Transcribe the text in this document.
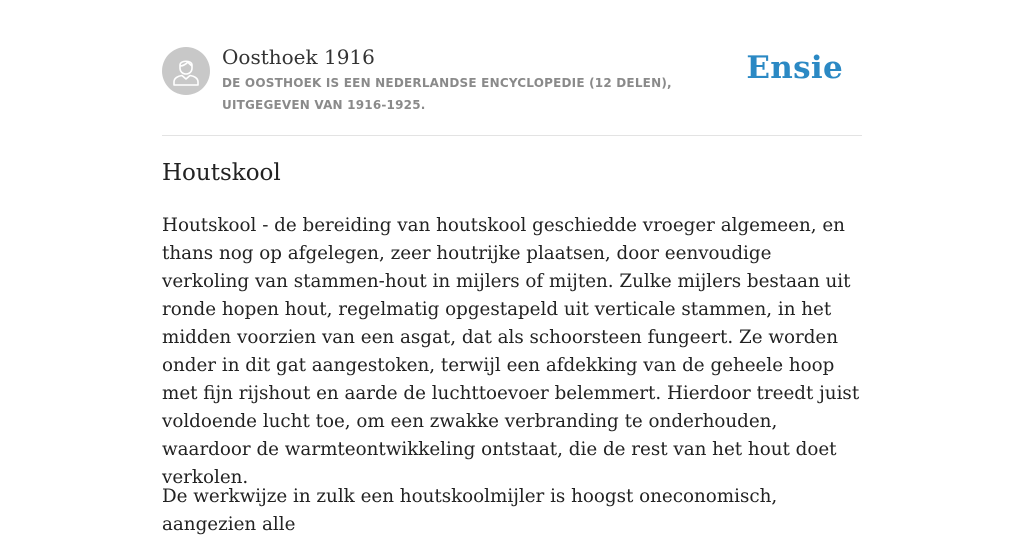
Oosthoek 1916
DE OOSTHOEK IS EEN NEDERLANDSE ENCYCLOPEDIE (12 DELEN), UITGEGEVEN VAN 1916-1925.
Ensie
Houtskool

Houtskool - de bereiding van houtskool geschiedde vroeger algemeen, en thans nog op afgelegen, zeer houtrijke plaatsen, door eenvoudige verkoling van stammen-hout in mijlers of mijten. Zulke mijlers bestaan uit ronde hopen hout, regelmatig opgestapeld uit verticale stammen, in het midden voorzien van een asgat, dat als schoorsteen fungeert. Ze worden onder in dit gat aangestoken, terwijl een afdekking van de geheele hoop met fijn rijshout en aarde de luchttoevoer belemmert. Hierdoor treedt juist voldoende lucht toe, om een zwakke verbranding te onderhouden, waardoor de warmteontwikkeling ontstaat, die de rest van het hout doet verkolen.

De werkwijze in zulk een houtskoolmijler is hoogst oneconomisch, aangezien alle
